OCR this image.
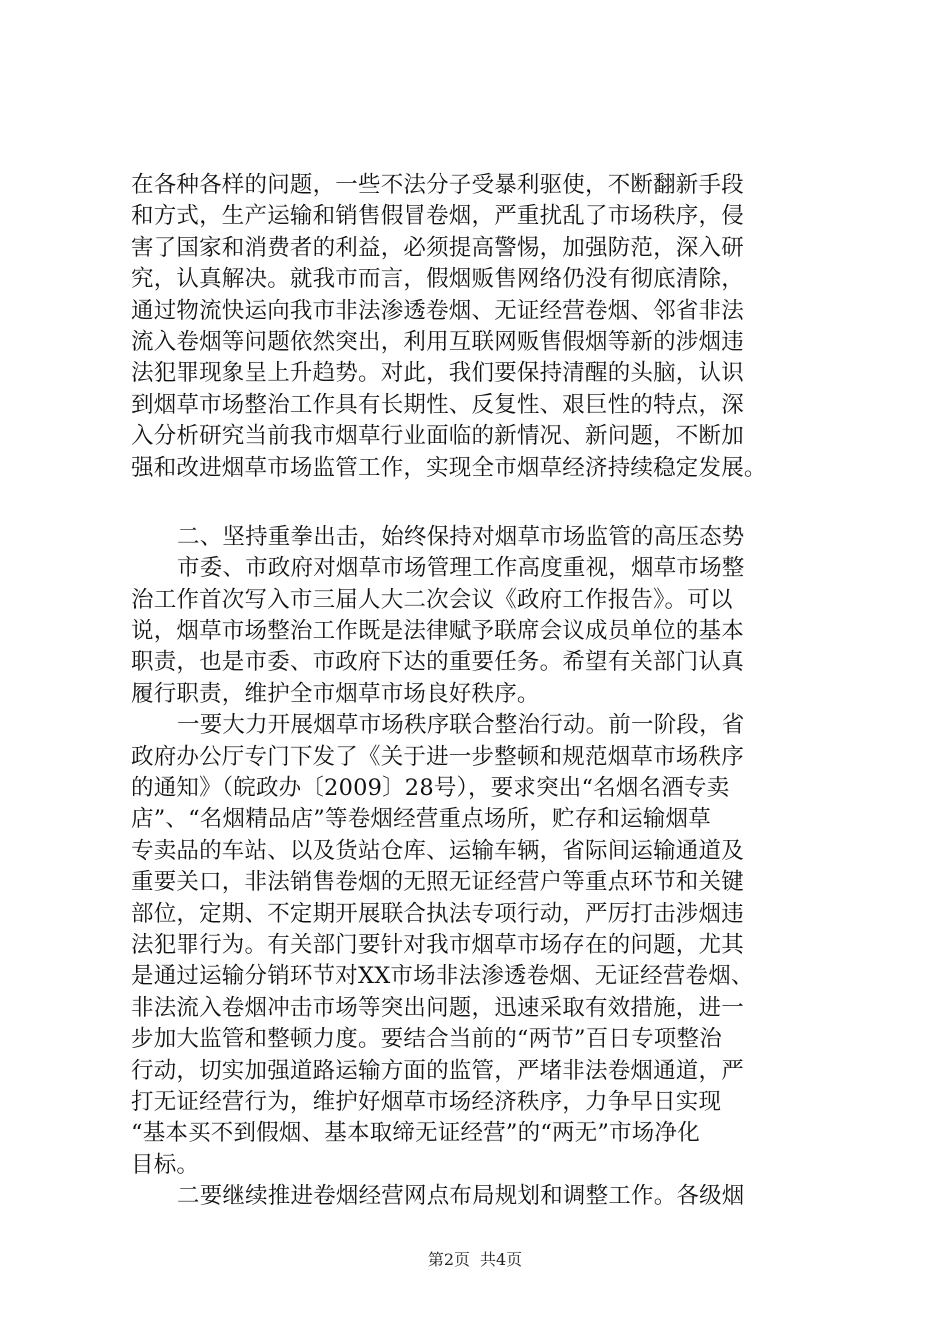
在各种各样的问题，一些不法分子受暴利驱使，不断翻新手段
和方式，生产运输和销售假冒卷烟，严重扰乱了市场秩序，侵
害了国家和消费者的利益，必须提高警惕，加强防范，深入研
究，认真解决。就我市而言，假烟贩售网络仍没有彻底清除，
通过物流快运向我市非法渗透卷烟、无证经营卷烟、邻省非法
流入卷烟等问题依然突出，利用互联网贩售假烟等新的涉烟违
法犯罪现象呈上升趋势。对此，我们要保持清醒的头脑，认识
到烟草市场整治工作具有长期性、反复性、艰巨性的特点，深
入分析研究当前我市烟草行业面临的新情况、新问题，不断加
强和改进烟草市场监管工作，实现全市烟草经济持续稳定发展。
二、坚持重拳出击，始终保持对烟草市场监管的高压态势
市委、市政府对烟草市场管理工作高度重视，烟草市场整
治工作首次写入市三届人大二次会议《政府工作报告》。可以
说，烟草市场整治工作既是法律赋予联席会议成员单位的基本
职责，也是市委、市政府下达的重要任务。希望有关部门认真
履行职责，维护全市烟草市场良好秩序。
一要大力开展烟草市场秩序联合整治行动。前一阶段，省
政府办公厅专门下发了《关于进一步整顿和规范烟草市场秩序
的通知》（皖政办〔2009〕28号），要求突出“名烟名酒专卖
店”、“名烟精品店”等卷烟经营重点场所，贮存和运输烟草
专卖品的车站、以及货站仓库、运输车辆，省际间运输通道及
重要关口，非法销售卷烟的无照无证经营户等重点环节和关键
部位，定期、不定期开展联合执法专项行动，严厉打击涉烟违
法犯罪行为。有关部门要针对我市烟草市场存在的问题，尤其
是通过运输分销环节对XX市场非法渗透卷烟、无证经营卷烟、
非法流入卷烟冲击市场等突出问题，迅速采取有效措施，进一
步加大监管和整顿力度。要结合当前的“两节”百日专项整治
行动，切实加强道路运输方面的监管，严堵非法卷烟通道，严
打无证经营行为，维护好烟草市场经济秩序，力争早日实现
“基本买不到假烟、基本取缔无证经营”的“两无”市场净化
目标。
二要继续推进卷烟经营网点布局规划和调整工作。各级烟
第2页 共4页
